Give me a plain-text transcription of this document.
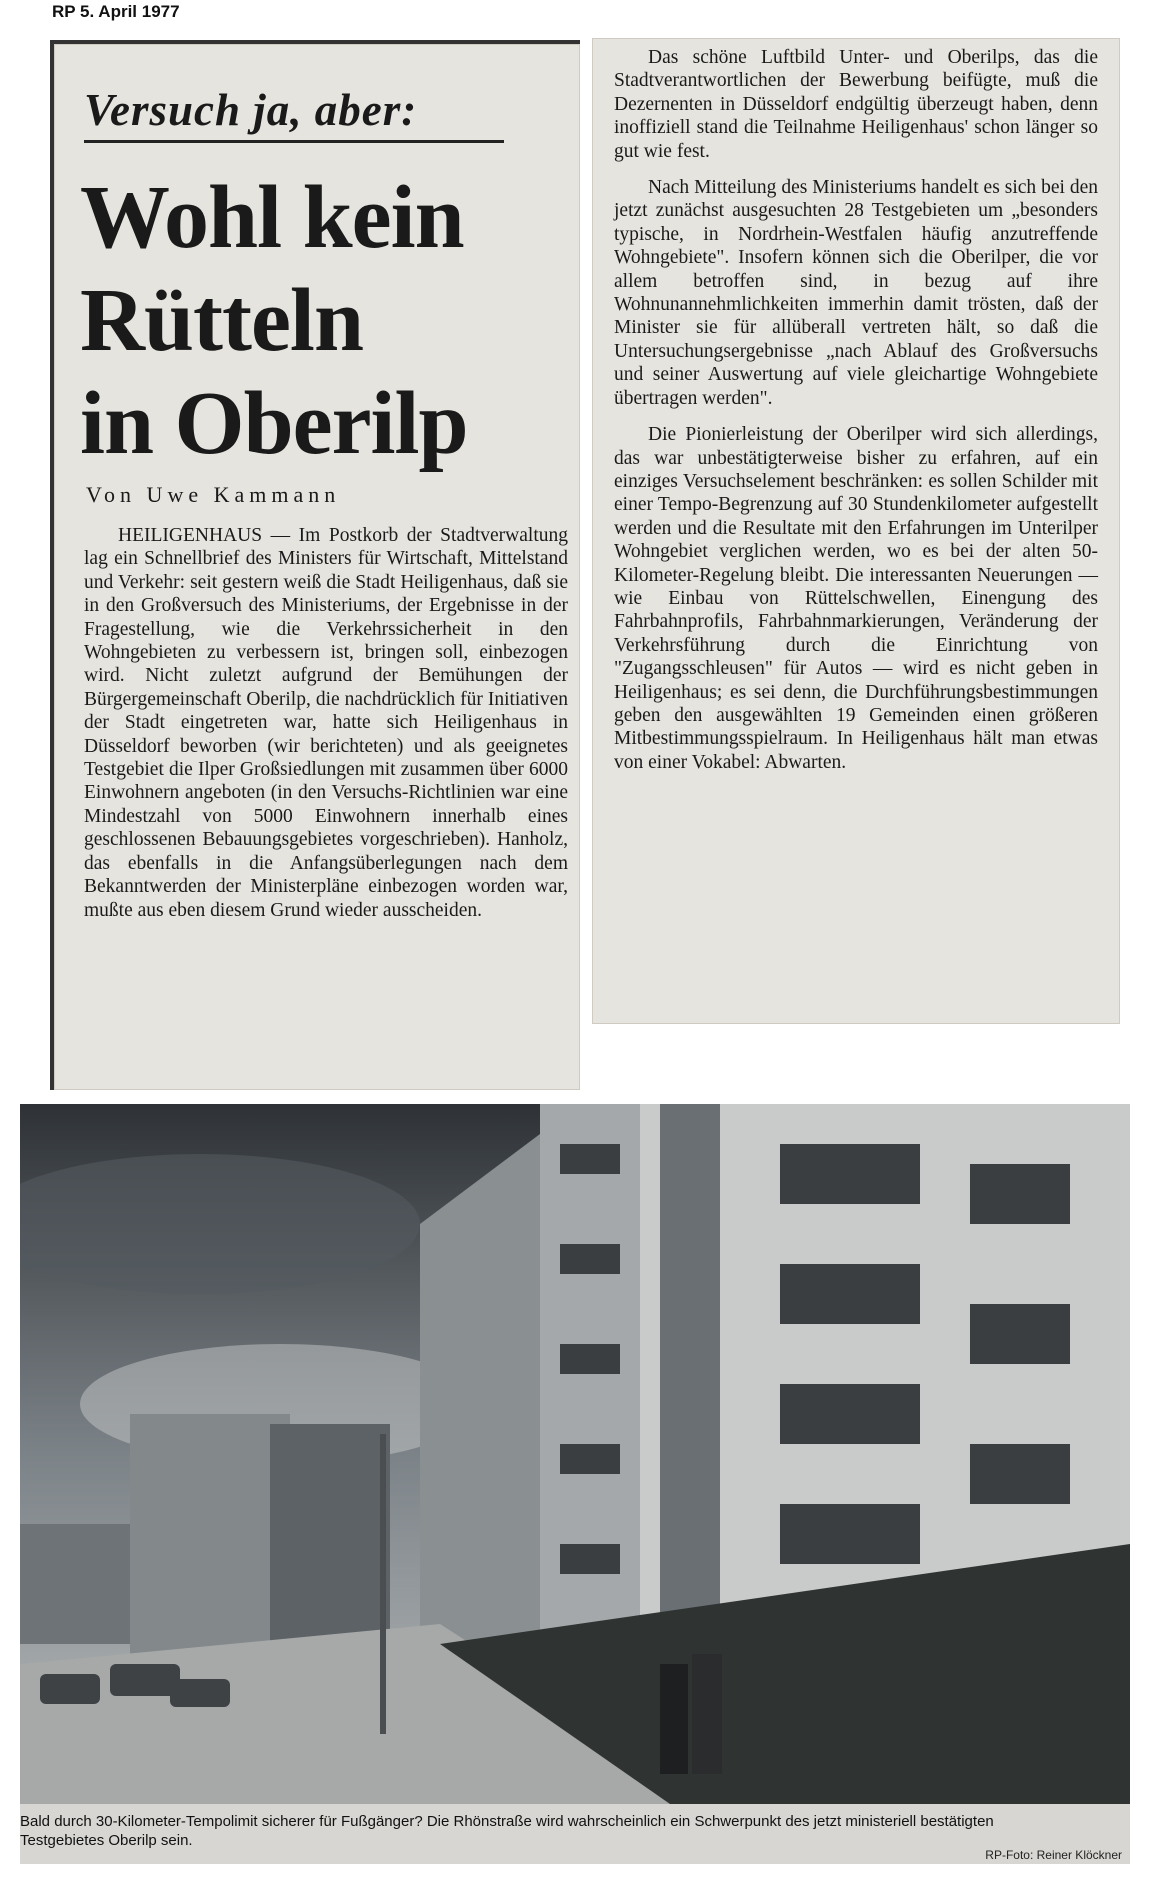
RP 5. April 1977
Versuch ja, aber:
Wohl kein
Rütteln
in Oberilp
Von Uwe Kammann

HEILIGENHAUS — Im Postkorb der Stadtverwaltung lag ein Schnellbrief des Ministers für Wirtschaft, Mittelstand und Verkehr: seit gestern weiß die Stadt Heiligenhaus, daß sie in den Großversuch des Ministeriums, der Ergebnisse in der Fragestellung, wie die Verkehrssicherheit in den Wohngebieten zu verbessern ist, bringen soll, einbezogen wird. Nicht zuletzt aufgrund der Bemühungen der Bürgergemeinschaft Oberilp, die nachdrücklich für Initiativen der Stadt eingetreten war, hatte sich Heiligenhaus in Düsseldorf beworben (wir berichteten) und als geeignetes Testgebiet die Ilper Großsiedlungen mit zusammen über 6000 Einwohnern angeboten (in den Versuchs-Richtlinien war eine Mindestzahl von 5000 Einwohnern innerhalb eines geschlossenen Bebauungsgebietes vorgeschrieben). Hanholz, das ebenfalls in die Anfangsüberlegungen nach dem Bekanntwerden der Ministerpläne einbezogen worden war, mußte aus eben diesem Grund wieder ausscheiden.

Das schöne Luftbild Unter- und Oberilps, das die Stadtverantwortlichen der Bewerbung beifügte, muß die Dezernenten in Düsseldorf endgültig überzeugt haben, denn inoffiziell stand die Teilnahme Heiligenhaus' schon länger so gut wie fest.

Nach Mitteilung des Ministeriums handelt es sich bei den jetzt zunächst ausgesuchten 28 Testgebieten um „besonders typische, in Nordrhein-Westfalen häufig anzutreffende Wohngebiete". Insofern können sich die Oberilper, die vor allem betroffen sind, in bezug auf ihre Wohnunannehmlichkeiten immerhin damit trösten, daß der Minister sie für allüberall vertreten hält, so daß die Untersuchungsergebnisse „nach Ablauf des Großversuchs und seiner Auswertung auf viele gleichartige Wohngebiete übertragen werden".

Die Pionierleistung der Oberilper wird sich allerdings, das war unbestätigterweise bisher zu erfahren, auf ein einziges Versuchselement beschränken: es sollen Schilder mit einer Tempo-Begrenzung auf 30 Stundenkilometer aufgestellt werden und die Resultate mit den Erfahrungen im Unterilper Wohngebiet verglichen werden, wo es bei der alten 50-Kilometer-Regelung bleibt. Die interessanten Neuerungen — wie Einbau von Rüttelschwellen, Einengung des Fahrbahnprofils, Fahrbahnmarkierungen, Veränderung der Verkehrsführung durch die Einrichtung von "Zugangsschleusen" für Autos — wird es nicht geben in Heiligenhaus; es sei denn, die Durchführungsbestimmungen geben den ausgewählten 19 Gemeinden einen größeren Mitbestimmungsspielraum. In Heiligenhaus hält man etwas von einer Vokabel: Abwarten.

Bald durch 30-Kilometer-Tempolimit sicherer für Fußgänger? Die Rhönstraße wird wahrscheinlich ein Schwerpunkt des jetzt ministeriell bestätigten Testgebietes Oberilp sein.
RP-Foto: Reiner Klöckner
